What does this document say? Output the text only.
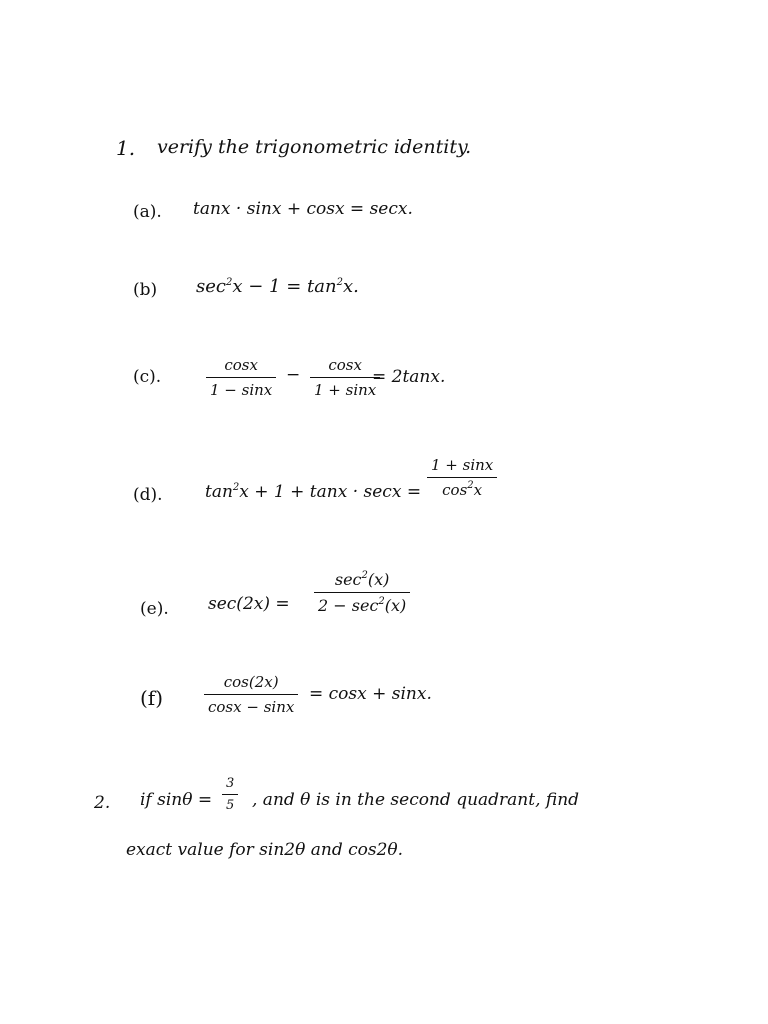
1. verify the trigonometric identity.
(a). tanx · sinx + cosx = secx.
(b) $\sec^2x - 1 = \tan^2x$.
(c).	$\frac{\cos x}{1 - \sin x} - \frac{\cos x}{1 + \sin x}$
= 2tanx.
(d). $\tan^2x + 1 + \tan x \cdot \sec x = \frac{1 + \sin x}{\cos^2x}$
(e). sec(2x) =
$\sec^2(x)$
$2 - \sec^2(x)$
(f)	$\frac{\cos(2x)}{\cos x - \sin x} = \cos x + \sin x$.
2. if $\sin\theta = \frac{3}{5}$ , and θ is in the second quadrant, find
exact value for sin2θ and cos2θ.
